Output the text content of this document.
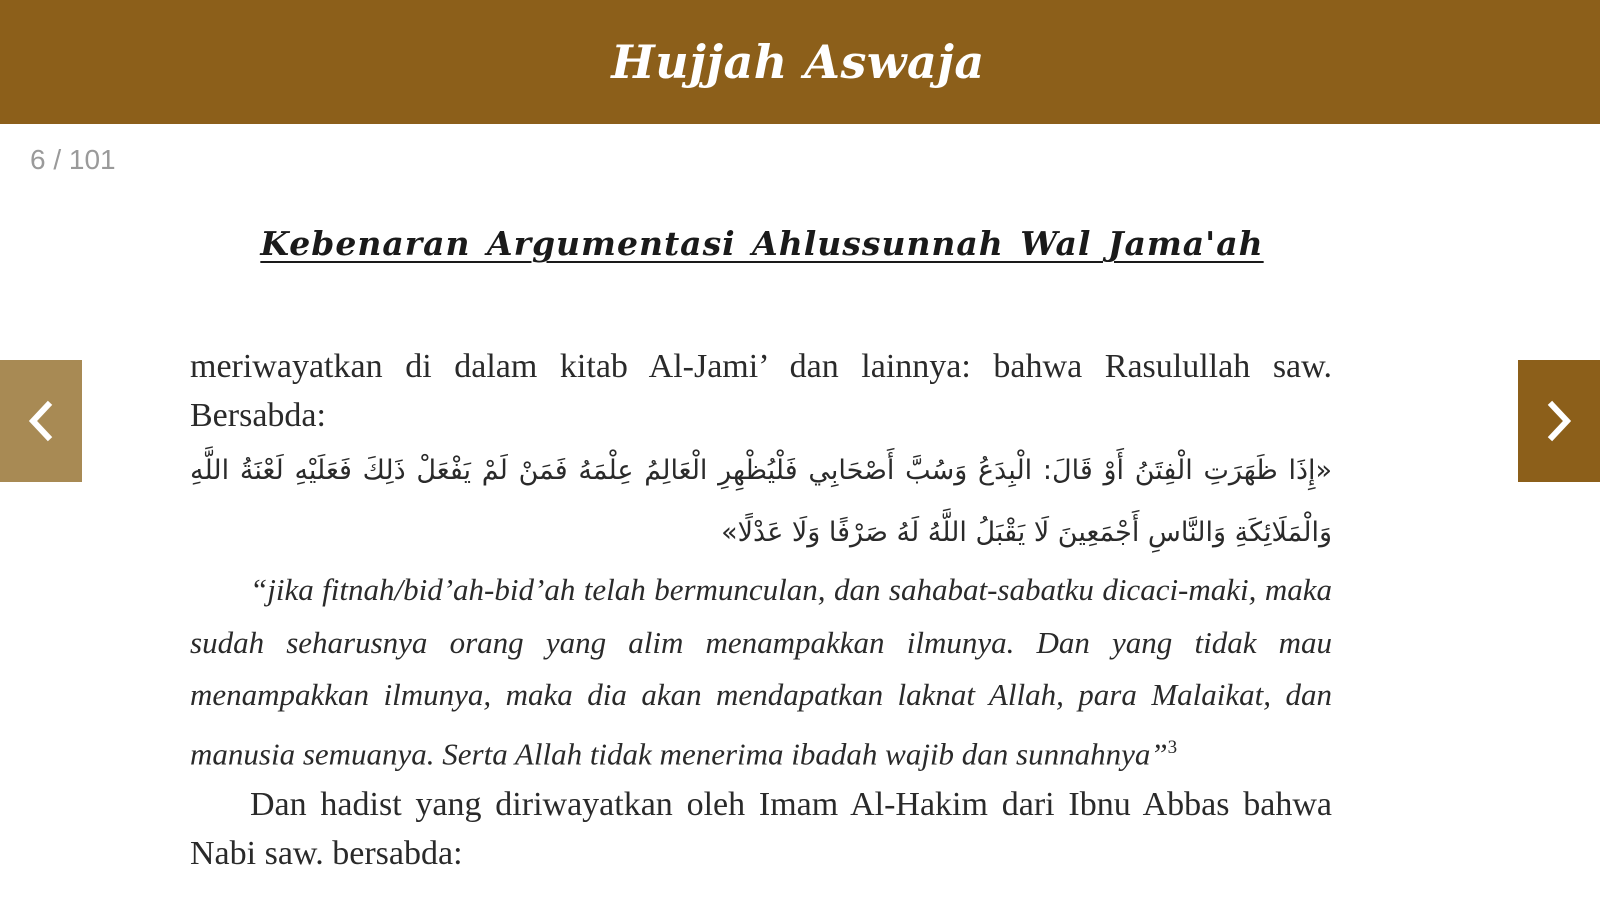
Hujjah Aswaja
6 / 101
Kebenaran Argumentasi Ahlussunnah Wal Jama'ah

meriwayatkan di dalam kitab Al-Jami’ dan lainnya: bahwa Rasulullah saw. Bersabda:

«إِذَا ظَهَرَتِ الْفِتَنُ أَوْ قَالَ: الْبِدَعُ وَسُبَّ أَصْحَابِي فَلْيُظْهِرِ الْعَالِمُ عِلْمَهُ فَمَنْ لَمْ يَفْعَلْ ذَلِكَ فَعَلَيْهِ لَعْنَةُ اللَّهِ وَالْمَلَائِكَةِ وَالنَّاسِ أَجْمَعِينَ لَا يَقْبَلُ اللَّهُ لَهُ صَرْفًا وَلَا عَدْلًا»

“jika fitnah/bid’ah-bid’ah telah bermunculan, dan sahabat-sabatku dicaci-maki, maka sudah seharusnya orang yang alim menampakkan ilmunya. Dan yang tidak mau menampakkan ilmunya, maka dia akan mendapatkan laknat Allah, para Malaikat, dan manusia semuanya. Serta Allah tidak menerima ibadah wajib dan sunnahnya”$^3$

Dan hadist yang diriwayatkan oleh Imam Al-Hakim dari Ibnu Abbas bahwa Nabi saw. bersabda:
